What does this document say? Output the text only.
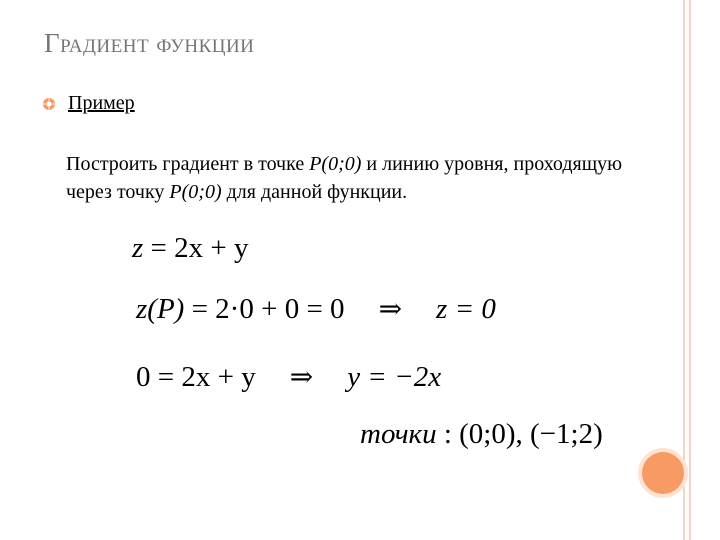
Градиент функции
Пример
Построить градиент в точке P(0;0) и линию уровня, проходящую через точку P(0;0) для данной функции.
z = 2x + y
z(P) = 2·0 + 0 = 0 ⇒ z = 0
0 = 2x + y ⇒ y = −2x
точки : (0;0), (−1;2)
